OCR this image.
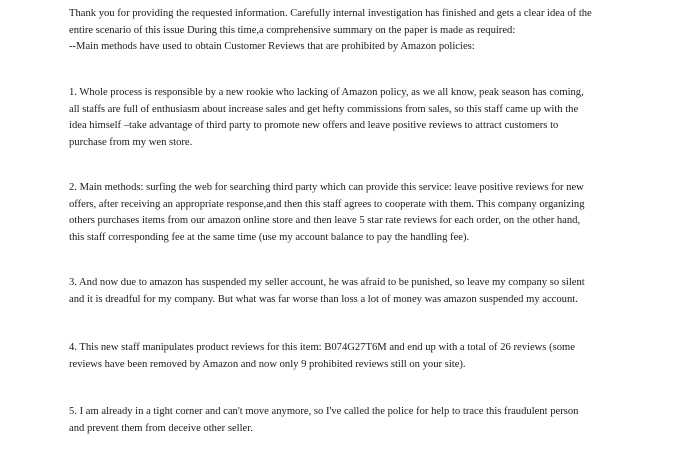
Thank you for providing the requested information. Carefully internal investigation has finished and gets a clear idea of the
entire scenario of this issue During this time,a comprehensive summary on the paper is made as required:
--Main methods have used to obtain Customer Reviews that are prohibited by Amazon policies:
1. Whole process is responsible by a new rookie who lacking of Amazon policy, as we all know, peak season has coming,
all staffs are full of enthusiasm about increase sales and get hefty commissions from sales, so this staff came up with the
idea himself –take advantage of third party to promote new offers and leave positive reviews to attract customers to
purchase from my wen store.
2. Main methods: surfing the web for searching third party which can provide this service: leave positive reviews for new
offers, after receiving an appropriate response,and then this staff agrees to cooperate with them. This company organizing
others purchases items from our amazon online store and then leave 5 star rate reviews for each order, on the other hand,
this staff corresponding fee at the same time (use my account balance to pay the handling fee).
3. And now due to amazon has suspended my seller account, he was afraid to be punished, so leave my company so silent
and it is dreadful for my company. But what was far worse than loss a lot of money was amazon suspended my account.
4. This new staff manipulates product reviews for this item: B074G27T6M and end up with a total of 26 reviews (some
reviews have been removed by Amazon and now only 9 prohibited reviews still on your site).
5. I am already in a tight corner and can't move anymore, so I've called the police for help to trace this fraudulent person
and prevent them from deceive other seller.
